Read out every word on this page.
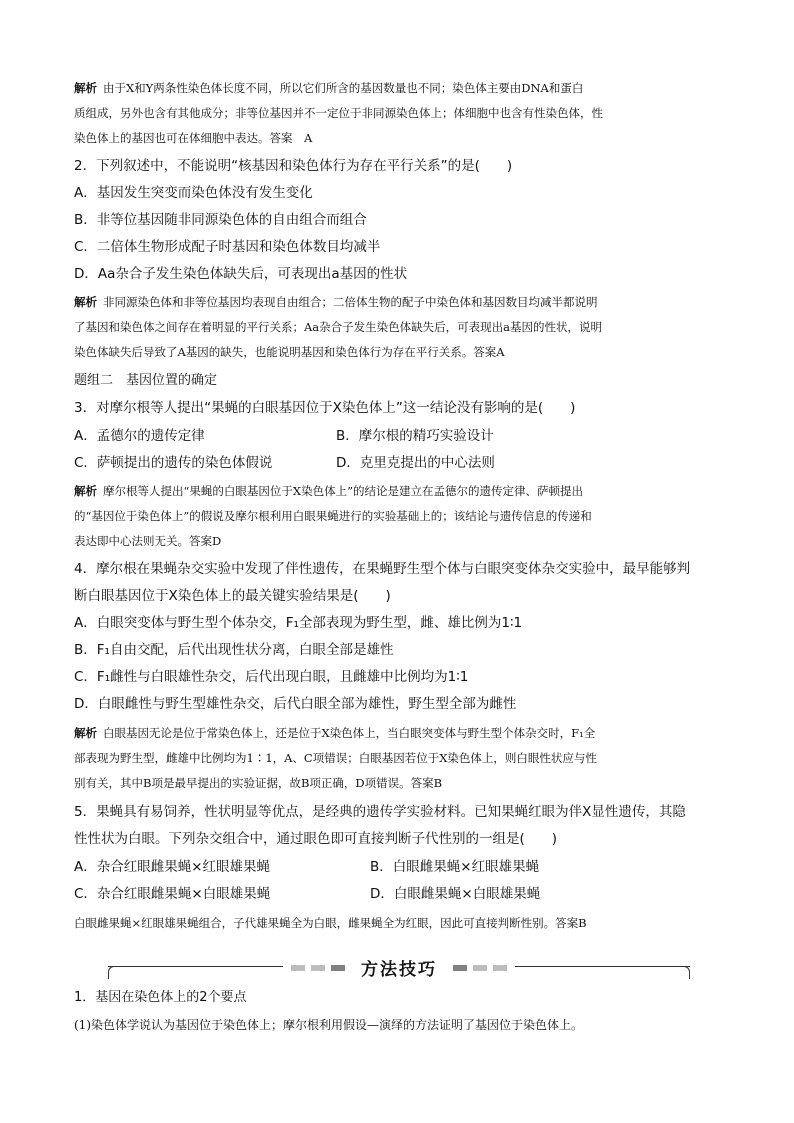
解析 由于X和Y两条性染色体长度不同，所以它们所含的基因数量也不同；染色体主要由DNA和蛋白
质组成，另外也含有其他成分；非等位基因并不一定位于非同源染色体上；体细胞中也含有性染色体，性
染色体上的基因也可在体细胞中表达。答案　A
2．下列叙述中，不能说明“核基因和染色体行为存在平行关系”的是(　　)
A．基因发生突变而染色体没有发生变化
B．非等位基因随非同源染色体的自由组合而组合
C．二倍体生物形成配子时基因和染色体数目均减半
D．Aa杂合子发生染色体缺失后，可表现出a基因的性状
解析 非同源染色体和非等位基因均表现自由组合；二倍体生物的配子中染色体和基因数目均减半都说明
了基因和染色体之间存在着明显的平行关系；Aa杂合子发生染色体缺失后，可表现出a基因的性状，说明
染色体缺失后导致了A基因的缺失，也能说明基因和染色体行为存在平行关系。答案A
题组二　基因位置的确定
3．对摩尔根等人提出“果蝇的白眼基因位于X染色体上”这一结论没有影响的是(　　)
A．孟德尔的遗传定律	B．摩尔根的精巧实验设计
C．萨顿提出的遗传的染色体假说	D．克里克提出的中心法则
解析 摩尔根等人提出“果蝇的白眼基因位于X染色体上”的结论是建立在孟德尔的遗传定律、萨顿提出
的“基因位于染色体上”的假说及摩尔根利用白眼果蝇进行的实验基础上的；该结论与遗传信息的传递和
表达即中心法则无关。答案D
4．摩尔根在果蝇杂交实验中发现了伴性遗传，在果蝇野生型个体与白眼突变体杂交实验中，最早能够判
断白眼基因位于X染色体上的最关键实验结果是(　　)
A．白眼突变体与野生型个体杂交，F₁全部表现为野生型，雌、雄比例为1∶1
B．F₁自由交配，后代出现性状分离，白眼全部是雄性
C．F₁雌性与白眼雄性杂交，后代出现白眼，且雌雄中比例均为1∶1
D．白眼雌性与野生型雄性杂交，后代白眼全部为雄性，野生型全部为雌性
解析 白眼基因无论是位于常染色体上，还是位于X染色体上，当白眼突变体与野生型个体杂交时，F₁全
部表现为野生型，雌雄中比例均为1∶1，A、C项错误；白眼基因若位于X染色体上，则白眼性状应与性
别有关，其中B项是最早提出的实验证据，故B项正确，D项错误。答案B
5．果蝇具有易饲养，性状明显等优点，是经典的遗传学实验材料。已知果蝇红眼为伴X显性遗传，其隐
性性状为白眼。下列杂交组合中，通过眼色即可直接判断子代性别的一组是(　　)
A．杂合红眼雌果蝇×红眼雄果蝇	B．白眼雌果蝇×红眼雄果蝇
C．杂合红眼雌果蝇×白眼雄果蝇	D．白眼雌果蝇×白眼雄果蝇
白眼雌果蝇×红眼雄果蝇组合，子代雄果蝇全为白眼，雌果蝇全为红眼，因此可直接判断性别。答案B
方法技巧
1．基因在染色体上的2个要点
(1)染色体学说认为基因位于染色体上；摩尔根利用假设—演绎的方法证明了基因位于染色体上。
